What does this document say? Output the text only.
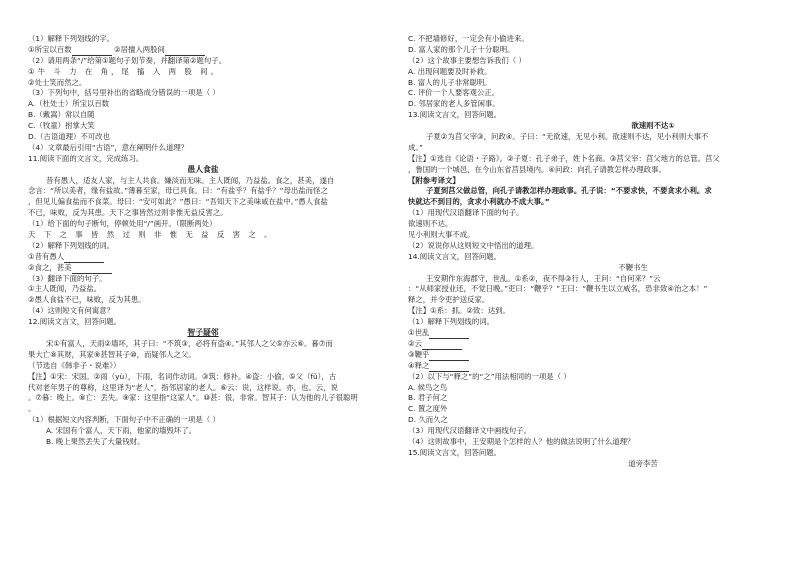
（1）解释下列划线的字。
①所宝以百数	②居擅入两股间
（2）请用两条“/”给第①题句子划节奏，并翻译第②题句子。
①牛 斗 力 在 角，尾 搐 入 两 股 间。
②处士笑而然之。
（3）下列句中，括号里补出的省略成分错误的一项是（ ）
A.（杜处士）所宝以百数
B.（戴嵩）常以自随
C.（牧童）拊掌大笑
D.（古语道理）不可改也
（4）文章最后引用“古语”，意在阐明什么道理？
11.阅读下面的文言文，完成练习。
愚人食盐
昔有愚人，适友人家，与主人共食。嫌淡而无味。主人既闻，乃益盐。食之，甚美，遂自
念言：“所以美者，缘有盐故。”薄暮至家，母已具食。曰：“有盐乎？有盐乎？”母出盐而怪之
，但见儿偏食盐而不食菜。母曰：“安可如此？”愚曰：“吾知天下之美味咸在盐中。”愚人食盐
不已，味败，反为其患。天下之事皆然过则非惟无益反害之。
（1）给下面的句子断句，停顿处用“/”画开。（限断两处）
天 下 之 事 皆 然 过 则 非 惟 无 益 反 害 之 。
（2）解释下列划线的词。
①昔有愚人
②食之，甚美
（3）翻译下面的句子。
①主人既闻，乃益盐。
②愚人食盐不已，味败，反为其患。
（4）这则短文有何寓意？
12.阅读文言文，回答问题。
智子疑邻
宋①有富人，天雨②墙坏，其子曰：“不筑③，必将有盗④。”其邻人之父⑤亦云⑥。暮⑦而
果大亡⑧其财，其家⑨甚智其子⑩，而疑邻人之父。
（节选自《韩非子・说难》）
【注】①宋：宋国。②雨（yù），下雨，名词作动词。③筑：修补。④盗：小偷。⑤父（fǔ），古
代对老年男子的尊称，这里译为“老人”，指邻居家的老人。⑥云：说，这样说。亦，也。云，说
。⑦暮：晚上。⑧亡：丢失。⑨家：这里指“这家人”。⑩甚：很，非常。智其子：认为他的儿子很聪明
。
（1）根据短文内容判断，下面句子中不正确的一项是（ ）
A. 宋国有个富人，天下雨，他家的墙毁坏了。
B. 晚上果然丢失了大量钱财。
C. 不把墙修好，一定会有小偷进来。
D. 富人家的那个儿子十分聪明。
（2）这个故事主要想告诉我们（ ）
A. 出现问题要及时补救。
B. 富人的儿子非常聪明。
C. 评价一个人要客观公正。
D. 邻居家的老人多管闲事。
13.阅读文言文，回答问题。
欲速则不达①
子夏②为莒父宰③，问政④。子曰：“无欲速，无见小利。欲速则不达，见小利则大事不
成。”
【注】①选自《论语・子路》。②子夏：孔子弟子，姓卜名商。③莒父宰：莒父地方的总管。莒父
，鲁国的一个城邑，在今山东省莒县境内。④问政：向孔子请教怎样办理政事。
【附参考译文】
子夏到莒父做总管，向孔子请教怎样办理政事。孔子说：“不要求快，不要贪求小利。求
快就达不到目的，贪求小利就办不成大事。”
（1）用现代汉语翻译下面的句子。
欲速则不达。
见小利则大事不成。
（2）说说你从这则短文中悟出的道理。
14.阅读文言文，回答问题。
不鞭书生
王安期作东海郡守，世乱。①系②，夜不得③行人，王问：“自何来？”云
：“从师家授业还，不觉日晚。”吏曰：“鞭乎？”王曰：“鞭书生以立威名，恐非致④治之本！”
释之，并令吏护送反家。
【注】①系：抓。②致：达到。
（1）解释下列划线的词。
①世乱
②云
③鞭乎
④释之
（2）以下与“释之”的“之”用法相同的一项是（ ）
A. 候鸟之鸟
B. 君子何之
C. 置之度外
D. 久而久之
（3）用现代汉语翻译文中画线句子。
（4）这则故事中，王安期是个怎样的人？他的做法说明了什么道理？
15.阅读文言文，回答问题。
道旁李苦
